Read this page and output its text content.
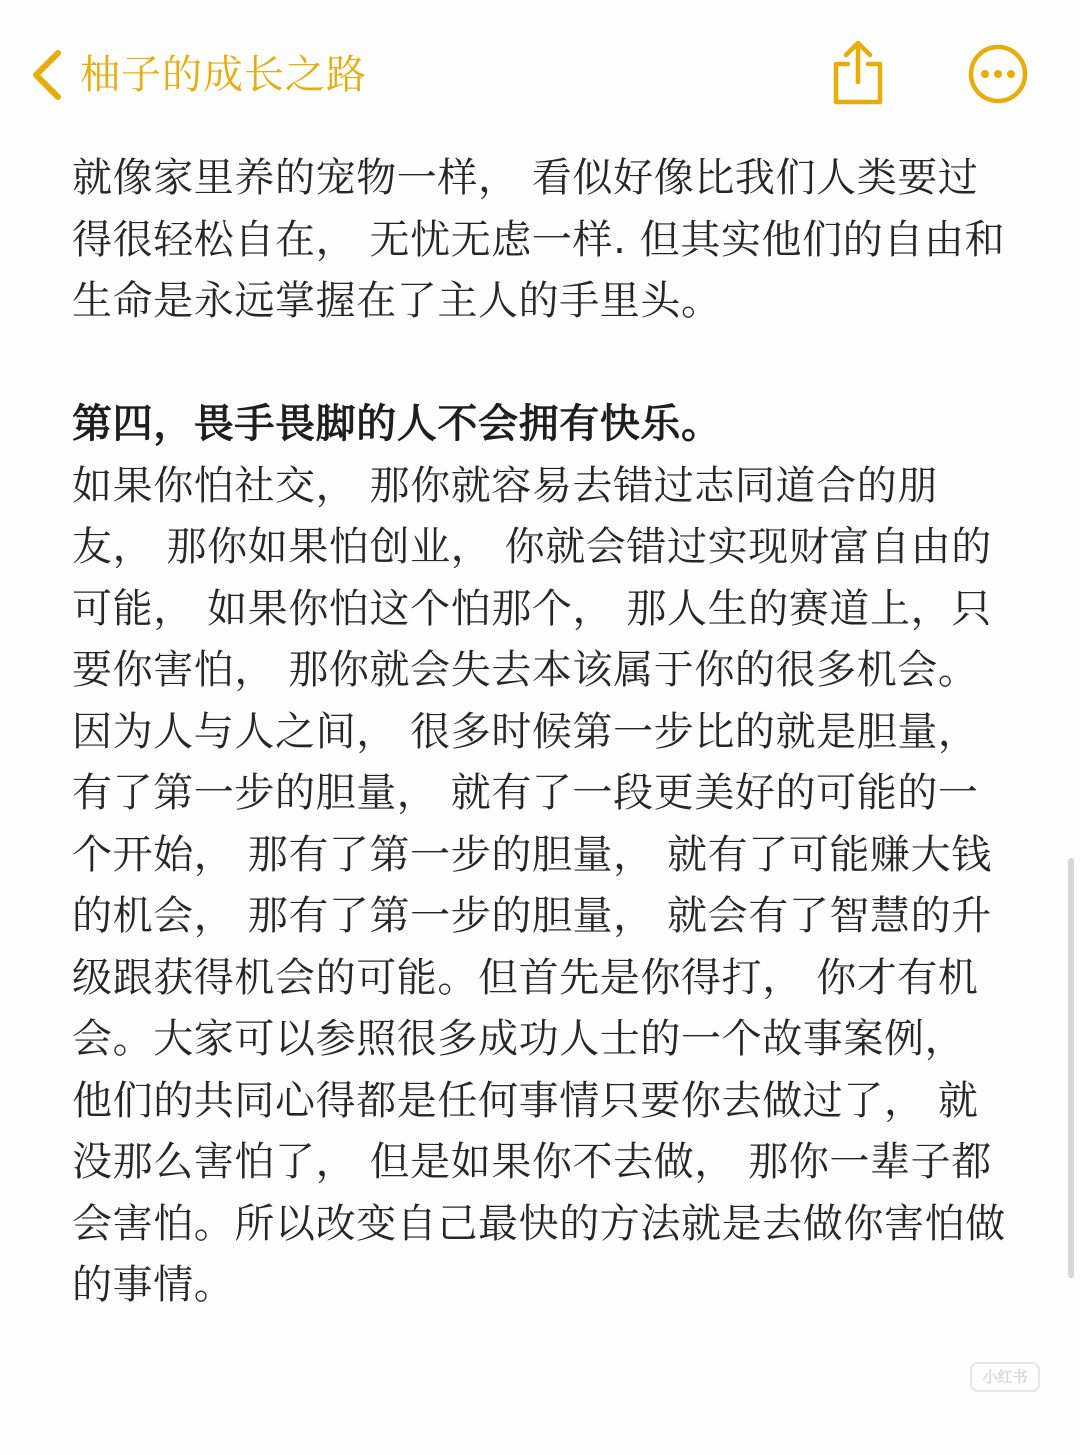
柚子的成长之路

就像家里养的宠物一样， 看似好像比我们人类要过得很轻松自在， 无忧无虑一样. 但其实他们的自由和生命是永远掌握在了主人的手里头。

第四，畏手畏脚的人不会拥有快乐。

如果你怕社交， 那你就容易去错过志同道合的朋友， 那你如果怕创业， 你就会错过实现财富自由的可能， 如果你怕这个怕那个， 那人生的赛道上，只要你害怕， 那你就会失去本该属于你的很多机会。因为人与人之间， 很多时候第一步比的就是胆量， 有了第一步的胆量， 就有了一段更美好的可能的一个开始， 那有了第一步的胆量， 就有了可能赚大钱的机会， 那有了第一步的胆量， 就会有了智慧的升级跟获得机会的可能。但首先是你得打， 你才有机会。大家可以参照很多成功人士的一个故事案例， 他们的共同心得都是任何事情只要你去做过了， 就没那么害怕了， 但是如果你不去做， 那你一辈子都会害怕。所以改变自己最快的方法就是去做你害怕做的事情。

小红书
